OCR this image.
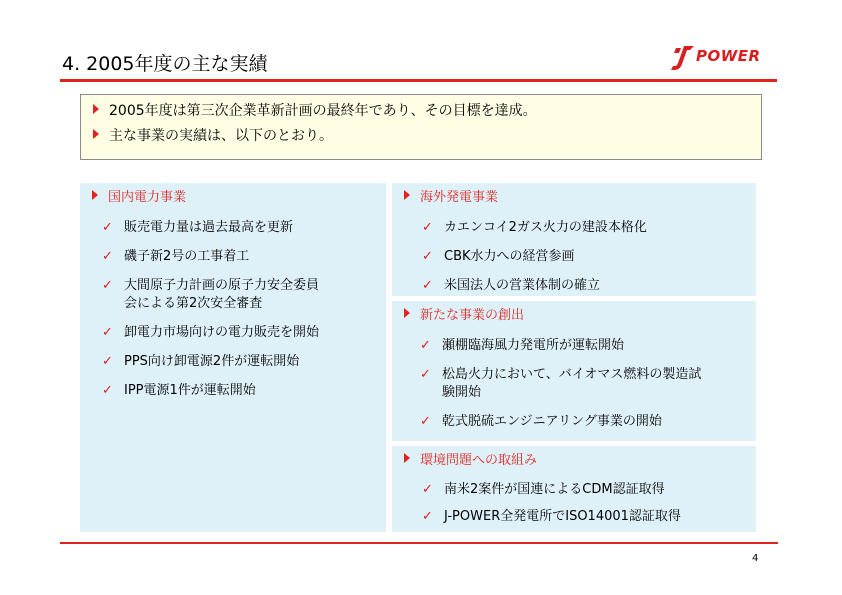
4. 2005年度の主な実績	POWER
2005年度は第三次企業革新計画の最終年であり、その目標を達成。
主な事業の実績は、以下のとおり。
国内電力事業
✓ 販売電力量は過去最高を更新
✓ 磯子新2号の工事着工
✓ 大間原子力計画の原子力安全委員
会による第2次安全審査
✓ 卸電力市場向けの電力販売を開始
✓ PPS向け卸電源2件が運転開始
✓ IPP電源1件が運転開始
海外発電事業
✓ カエンコイ2ガス火力の建設本格化
✓ CBK水力への経営参画
✓ 米国法人の営業体制の確立
新たな事業の創出
✓ 瀬棚臨海風力発電所が運転開始
✓ 松島火力において、バイオマス燃料の製造試
験開始
✓ 乾式脱硫エンジニアリング事業の開始
環境問題への取組み
✓ 南米2案件が国連によるCDM認証取得
✓ J-POWER全発電所でISO14001認証取得
4
